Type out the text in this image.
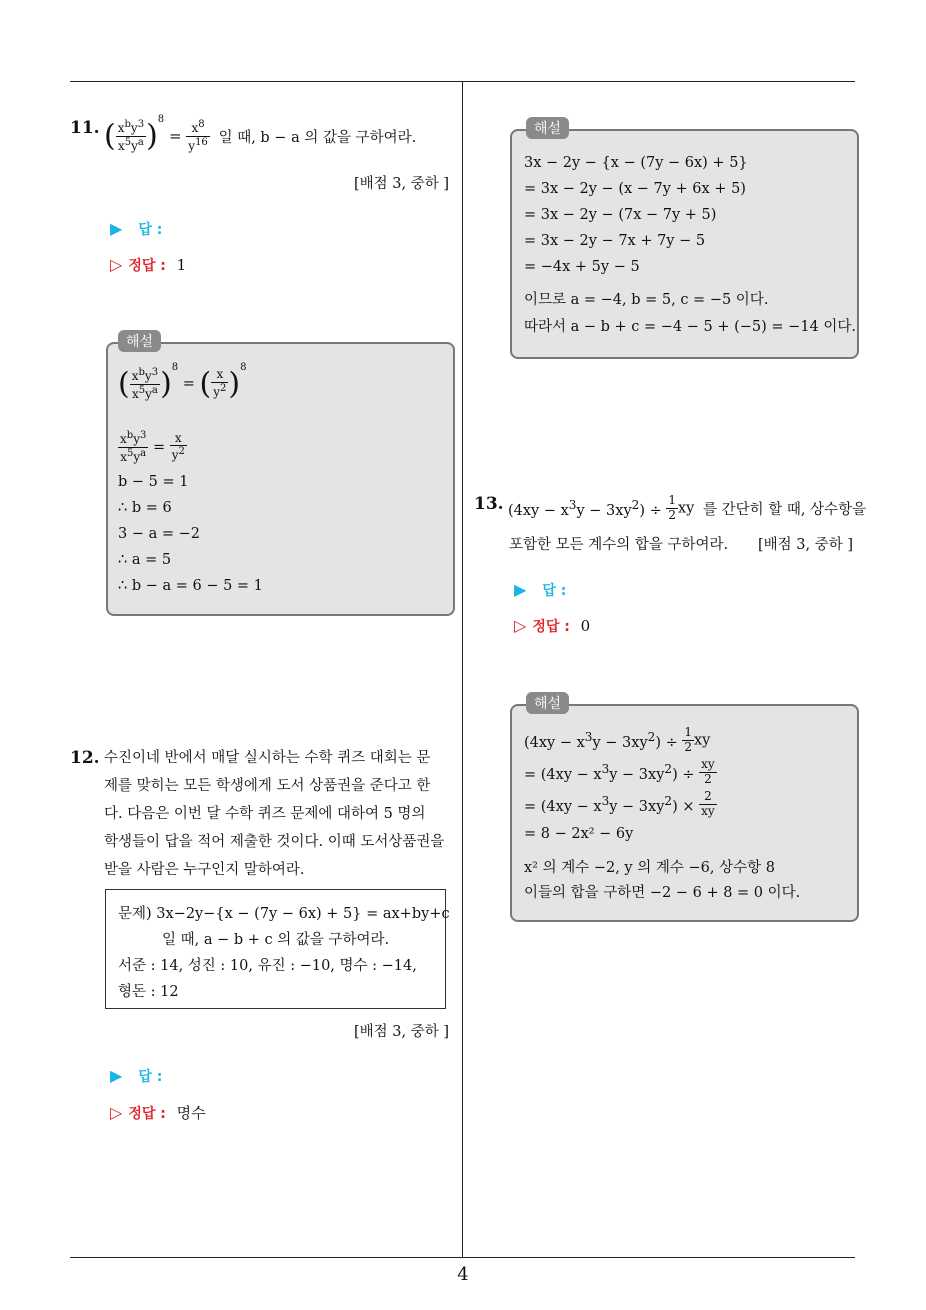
4
11. ( $\frac{x^by^3}{x^5y^a} )^8 = \frac{x^8}{y^{16}}$ 일 때, b − a 의 값을 구하여라.
[배점 3, 중하 ]
▶ 답 :
▷ 정답 : 1
해설
( $\frac{x^by^3}{x^5y^a} )^8$ = ( $\frac{x}{y^2} )^8$
$\frac{x^by^3}{x^5y^a} = \frac{x}{y^2}$
b − 5 = 1
∴ b = 6
3 − a = −2
∴ a = 5
∴ b − a = 6 − 5 = 1
12. 수진이네 반에서 매달 실시하는 수학 퀴즈 대회는 문
제를 맞히는 모든 학생에게 도서 상품권을 준다고 한
다. 다음은 이번 달 수학 퀴즈 문제에 대하여 5 명의
학생들이 답을 적어 제출한 것이다. 이때 도서상품권을
받을 사람은 누구인지 말하여라.
문제) 3x−2y−{x − (7y − 6x) + 5} = ax+by+c
일 때, a − b + c 의 값을 구하여라.
서준 : 14, 성진 : 10, 유진 : −10, 명수 : −14,
형돈 : 12
[배점 3, 중하 ]
▶ 답 :
▷ 정답 : 명수
해설
3x − 2y − {x − (7y − 6x) + 5}
= 3x − 2y − (x − 7y + 6x + 5)
= 3x − 2y − (7x − 7y + 5)
= 3x − 2y − 7x + 7y − 5
= −4x + 5y − 5
이므로 a = −4, b = 5, c = −5 이다.
따라서 a − b + c = −4 − 5 + (−5) = −14 이다.
13. $(4xy - x^3y - 3xy^2) \div \frac{1}{2}$ xy 를 간단히 할 때, 상수항을
포함한 모든 계수의 합을 구하여라. [배점 3, 중하 ]
▶ 답 :
▷ 정답 : 0
해설
$(4xy - x^3y - 3xy^2) \div \frac{1}{2}$ xy
= $(4xy - x^3y - 3xy^2) \div \frac{xy}{2}$
= $(4xy - x^3y - 3xy^2) \times \frac{2}{xy}$
= 8 − 2x² − 6y
x² 의 계수 −2, y 의 계수 −6, 상수항 8
이들의 합을 구하면 −2 − 6 + 8 = 0 이다.
